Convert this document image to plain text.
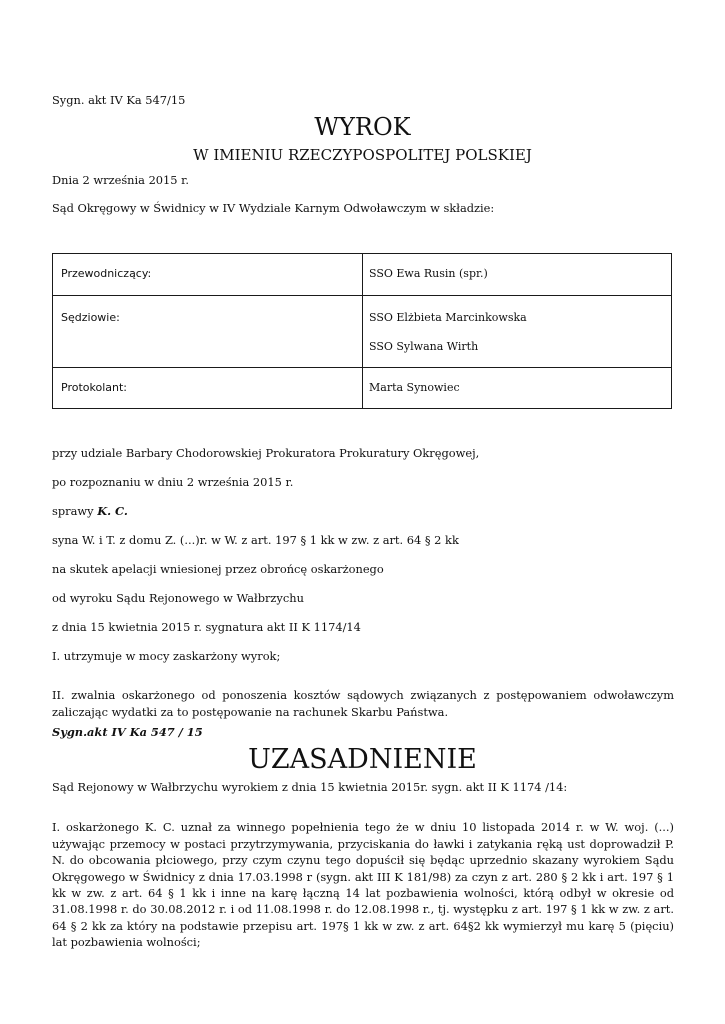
Sygn. akt IV Ka 547/15

WYROK
W IMIENIU RZECZYPOSPOLITEJ POLSKIEJ

Dnia 2 września 2015 r.

Sąd Okręgowy w Świdnicy w IV Wydziale Karnym Odwoławczym w składzie:

Przewodniczący:	SSO Ewa Rusin (spr.)
Sędziowie:	SSO Elżbieta Marcinkowska
SSO Sylwana Wirth
Protokolant:	Marta Synowiec

przy udziale Barbary Chodorowskiej Prokuratora Prokuratury Okręgowej,

po rozpoznaniu w dniu 2 września 2015 r.

sprawy K. C.

syna W. i T. z domu Z. (...)r. w W. z art. 197 § 1 kk w zw. z art. 64 § 2 kk

na skutek apelacji wniesionej przez obrońcę oskarżonego

od wyroku Sądu Rejonowego w Wałbrzychu

z dnia 15 kwietnia 2015 r. sygnatura akt II K 1174/14

I. utrzymuje w mocy zaskarżony wyrok;

II. zwalnia oskarżonego od ponoszenia kosztów sądowych związanych z postępowaniem odwoławczym zaliczając wydatki za to postępowanie na rachunek Skarbu Państwa.

Sygn.akt IV Ka 547 / 15

UZASADNIENIE

Sąd Rejonowy w Wałbrzychu wyrokiem z dnia 15 kwietnia 2015r. sygn. akt II K 1174 /14:

I. oskarżonego K. C. uznał za winnego popełnienia tego że w dniu 10 listopada 2014 r. w W. woj. (...) używając przemocy w postaci przytrzymywania, przyciskania do ławki i zatykania ręką ust doprowadził P. N. do obcowania płciowego, przy czym czynu tego dopuścił się będąc uprzednio skazany wyrokiem Sądu Okręgowego w Świdnicy z dnia 17.03.1998 r (sygn. akt III K 181/98) za czyn z art. 280 § 2 kk i art. 197 § 1 kk w zw. z art. 64 § 1 kk i inne na karę łączną 14 lat pozbawienia wolności, którą odbył w okresie od 31.08.1998 r. do 30.08.2012 r. i od 11.08.1998 r. do 12.08.1998 r., tj. występku z art. 197 § 1 kk w zw. z art. 64 § 2 kk za który na podstawie przepisu art. 197§ 1 kk w zw. z art. 64§2 kk wymierzył mu karę 5 (pięciu) lat pozbawienia wolności;
